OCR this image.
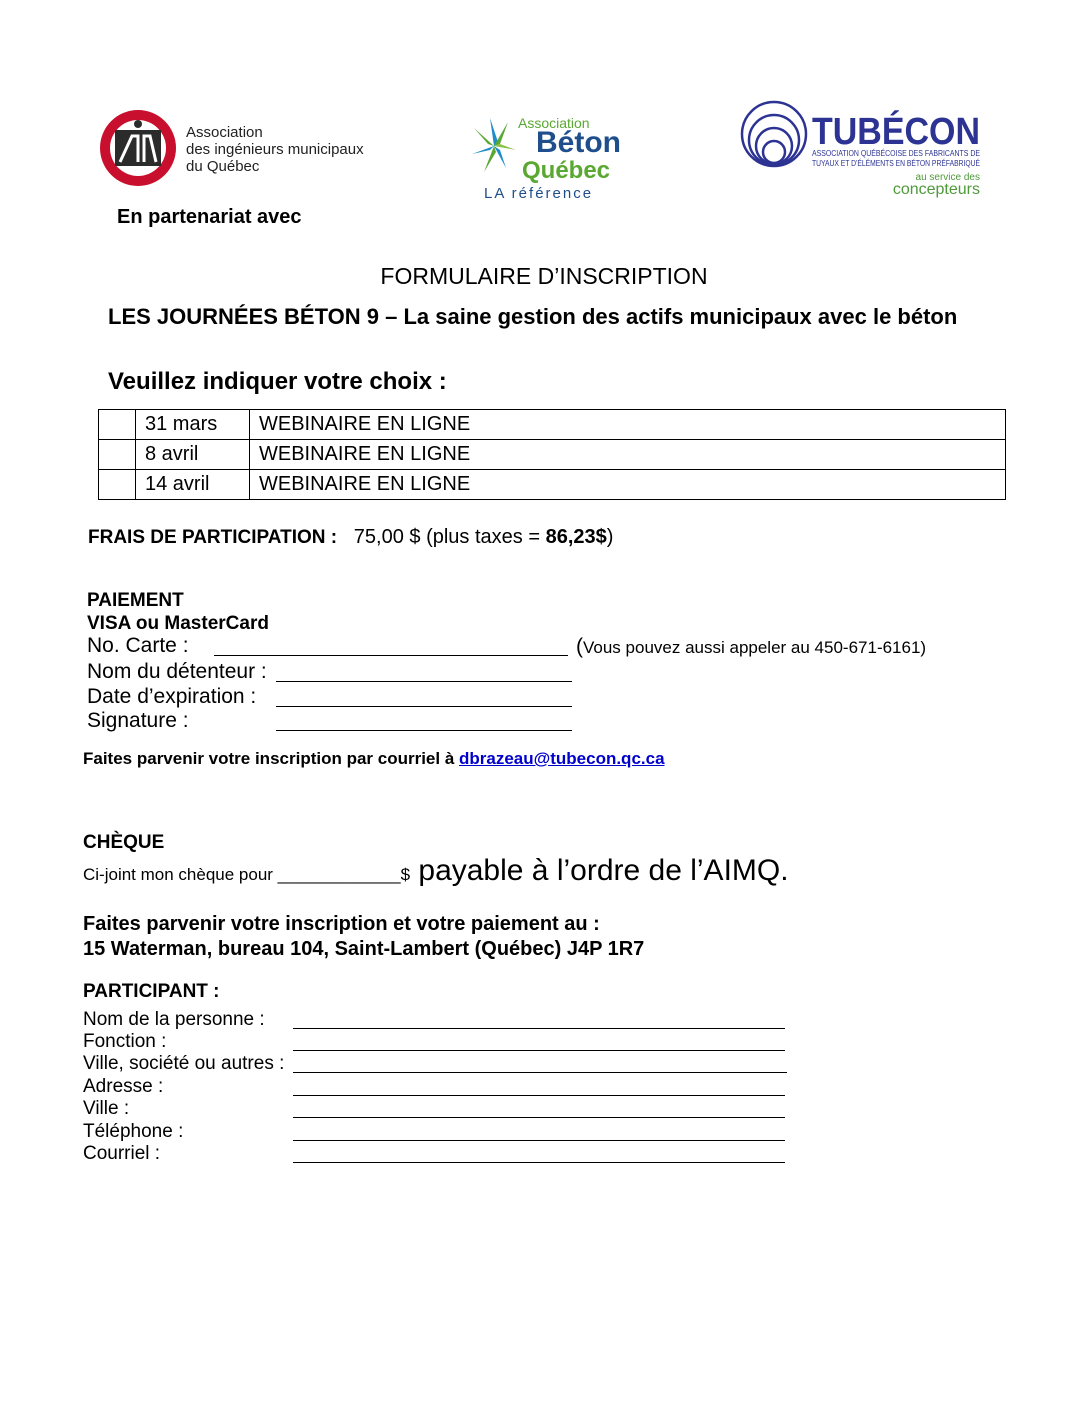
Association
des ingénieurs municipaux
du Québec
Association
Béton
Québec
LA référence
TUBÉCON
ASSOCIATION QUÉBÉCOISE DES FABRICANTS DE
TUYAUX ET D'ÉLÉMENTS EN BÉTON PRÉFABRIQUÉ
au service des
concepteurs
En partenariat avec
FORMULAIRE D’INSCRIPTION
LES JOURNÉES BÉTON 9 – La saine gestion des actifs municipaux avec le béton
Veuillez indiquer votre choix :
	31 mars	WEBINAIRE EN LIGNE
	8 avril	WEBINAIRE EN LIGNE
	14 avril	WEBINAIRE EN LIGNE
FRAIS DE PARTICIPATION : 75,00 $ (plus taxes = 86,23$)
PAIEMENT
VISA ou MasterCard
No. Carte :	(Vous pouvez aussi appeler au 450-671-6161)
Nom du détenteur :
Date d’expiration :
Signature :
Faites parvenir votre inscription par courriel à dbrazeau@tubecon.qc.ca
CHÈQUE
Ci-joint mon chèque pour _____________$ payable à l’ordre de l’AIMQ.
Faites parvenir votre inscription et votre paiement au :
15 Waterman, bureau 104, Saint-Lambert (Québec) J4P 1R7
PARTICIPANT :
Nom de la personne :
Fonction :
Ville, société ou autres :
Adresse :
Ville :
Téléphone :
Courriel :
